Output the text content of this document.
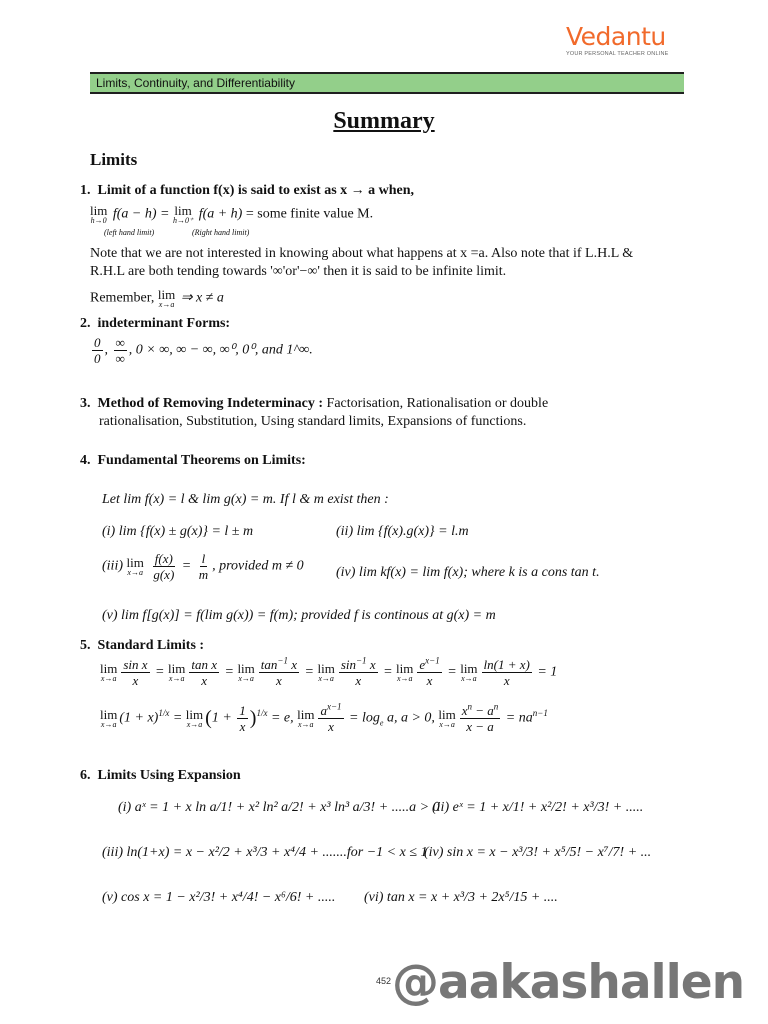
Vedantu
YOUR PERSONAL TEACHER ONLINE
Limits, Continuity, and Differentiability
Summary
Limits
1. Limit of a function f(x) is said to exist as x → a when,
lim
h→0 f(a − h) = lim
h→0⁺ f(a + h) = some finite value M.
(left hand limit)	(Right hand limit)
Note that we are not interested in knowing about what happens at x =a. Also note that if L.H.L &
R.H.L are both tending towards '∞'or'−∞' then it is said to be infinite limit.
Remember, lim
x→a ⇒ x ≠ a
2. indeterminant Forms:
$\frac{0}{0}$ , $\frac{\infty}{\infty}$ , 0 × ∞, ∞ − ∞, ∞⁰, 0⁰, and 1^∞.
3. Method of Removing Indeterminacy : Factorisation, Rationalisation or double
rationalisation, Substitution, Using standard limits, Expansions of functions.
4. Fundamental Theorems on Limits:
Let lim f(x) = l & lim g(x) = m. If l & m exist then :
(i) lim {f(x) ± g(x)} = l ± m	(ii) lim {f(x).g(x)} = l.m
(iii) lim
x→a
$\frac{f(x)}{g(x)} = \frac{l}{m}$ , provided m ≠ 0 (iv) lim kf(x) = lim f(x); where k is a cons tan t.
(v) lim f[g(x)] = f(lim g(x)) = f(m); provided f is continous at g(x) = m
5. Standard Limits :
lim
$x\to a \frac{\text{sin x}}{x} = \lim$
$x\to a \frac{\text{tan x}}{x} = \lim$
$x\to a \frac{\tan^{-1} x}{x} = \lim$
$x\to a \frac{\sin^{-1} x}{x} = \lim$
$x\to a \frac{e^{x-1}}{x} = \lim$
$x\to a \frac{\ln(1 + x)}{x} = 1$
lim
x→a $(1 + x)^{1/x} = \lim$
x→a $(1 + \frac{1}{x} )^{1/x} = e$, lim
$x\to a \frac{a^{x-1}}{x} = \log_e a$, a > 0, lim
$x\to a \frac{x^n - a^n}{x - a} = na^{n-1}$
6. Limits Using Expansion
(i) aˣ = 1 + x ln a/1! + x² ln² a/2! + x³ ln³ a/3! + .....a > 0
(ii) eˣ = 1 + x/1! + x²/2! + x³/3! + .....
(iii) ln(1+x) = x − x²/2 + x³/3 + x⁴/4 + .......for −1 < x ≤ 1
(iv) sin x = x − x³/3! + x⁵/5! − x⁷/7! + ...
(v) cos x = 1 − x²/3! + x⁴/4! − x⁶/6! + ..... (vi) tan x = x + x³/3 + 2x⁵/15 + ....
452 @aakashallen
